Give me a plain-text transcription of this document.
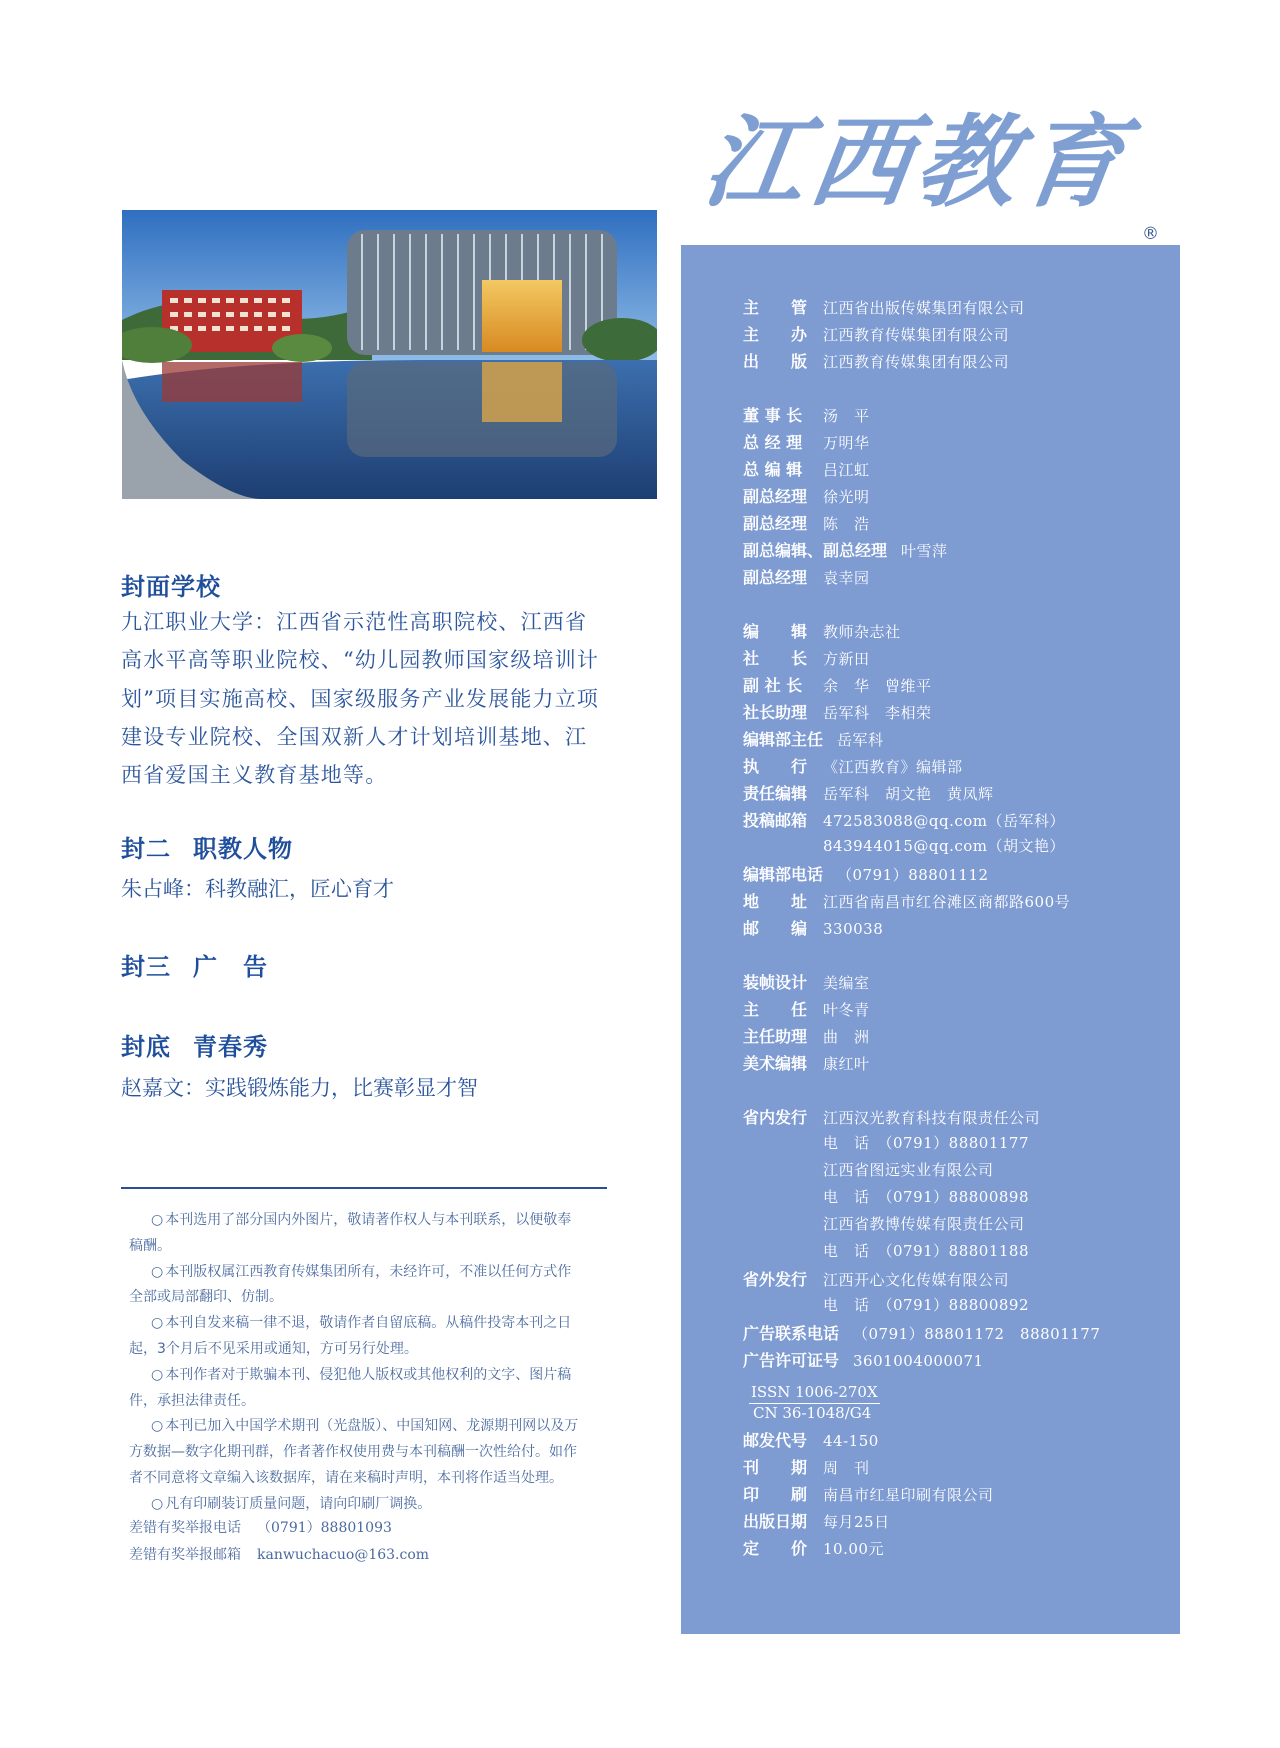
江西教育
®
封面学校

九江职业大学：江西省示范性高职院校、江西省高水平高等职业院校、“幼儿园教师国家级培训计划”项目实施高校、国家级服务产业发展能力立项建设专业院校、全国双新人才计划培训基地、江西省爱国主义教育基地等。

封二 职教人物
朱占峰：科教融汇，匠心育才
封三 广　告
封底 青春秀
赵嘉文：实践锻炼能力，比赛彰显才智
○ 本刊选用了部分国内外图片，敬请著作权人与本刊联系，以便敬奉稿酬。
○ 本刊版权属江西教育传媒集团所有，未经许可，不准以任何方式作全部或局部翻印、仿制。
○ 本刊自发来稿一律不退，敬请作者自留底稿。从稿件投寄本刊之日起，3个月后不见采用或通知，方可另行处理。
○ 本刊作者对于欺骗本刊、侵犯他人版权或其他权利的文字、图片稿件，承担法律责任。
○ 本刊已加入中国学术期刊（光盘版）、中国知网、龙源期刊网以及万方数据—数字化期刊群，作者著作权使用费与本刊稿酬一次性给付。如作者不同意将文章编入该数据库，请在来稿时声明，本刊将作适当处理。
○ 凡有印刷装订质量问题，请向印刷厂调换。
差错有奖举报电话 （0791）88801093
差错有奖举报邮箱 kanwuchacuo@163.com
ISSN 1006-270X
CN 36-1048/G4
主　　管 江西省出版传媒集团有限公司
主　　办 江西教育传媒集团有限公司
出　　版 江西教育传媒集团有限公司
董 事 长 汤　平
总 经 理 万明华
总 编 辑 吕江虹
副总经理 徐光明
副总经理 陈　浩
副总编辑、副总经理 叶雪萍
副总经理 袁幸园
编　　辑 教师杂志社
社　　长 方新田
副 社 长 余　华　曾维平
社长助理 岳军科　李相荣
编辑部主任 岳军科
执　　行 《江西教育》编辑部
责任编辑 岳军科　胡文艳　黄凤辉
投稿邮箱 472583088@qq.com（岳军科）
843944015@qq.com（胡文艳）
编辑部电话 （0791）88801112
地　　址 江西省南昌市红谷滩区商都路600号
邮　　编 330038
装帧设计 美编室
主　　任 叶冬青
主任助理 曲　洲
美术编辑 康红叶
省内发行 江西汉光教育科技有限责任公司
电　话　（0791）88801177
江西省图远实业有限公司
电　话　（0791）88800898
江西省教博传媒有限责任公司
电　话　（0791）88801188
省外发行 江西开心文化传媒有限公司
电　话　（0791）88800892
广告联系电话 （0791）88801172　88801177
广告许可证号 3601004000071
邮发代号 44-150
刊　　期 周　刊
印　　刷 南昌市红星印刷有限公司
出版日期 每月25日
定　　价 10.00元
